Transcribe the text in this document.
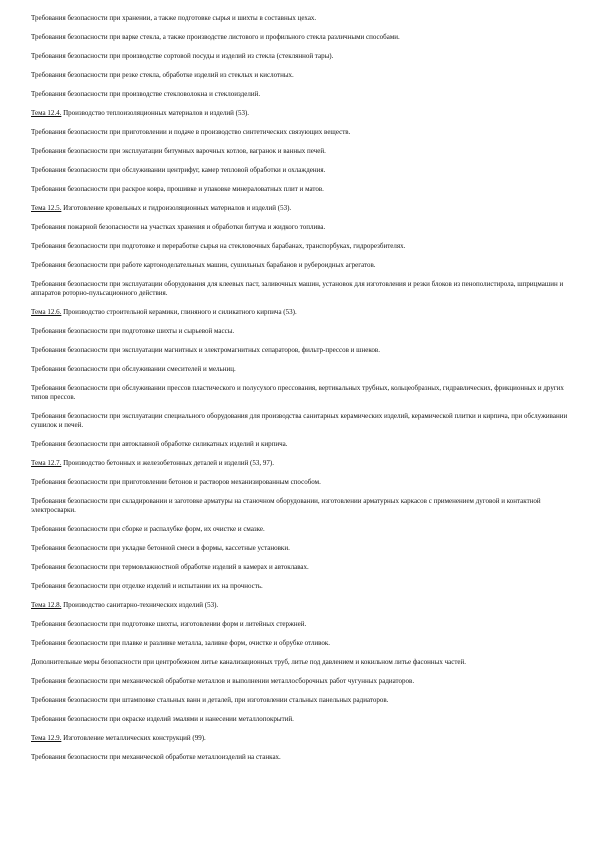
Требования безопасности при хранении, а также подготовке сырья и шихты в составных цехах.

Требования безопасности при варке стекла, а также производстве листового и профильного стекла различными способами.

Требования безопасности при производстве сортовой посуды и изделий из стекла (стеклянной тары).

Требования безопасности при резке стекла, обработке изделий из стеклых и кислотных.

Требования безопасности при производстве стекловолокна и стеклоизделий.

Тема 12.4. Производство теплоизоляционных материалов и изделий (53).

Требования безопасности при приготовлении и подаче в производство синтетических связующих веществ.

Требования безопасности при эксплуатации битумных варочных котлов, вагранок и ванных печей.

Требования безопасности при обслуживании центрифуг, камер тепловой обработки и охлаждения.

Требования безопасности при раскрое ковра, прошивке и упаковке минераловатных плит и матов.

Тема 12.5. Изготовление кровельных и гидроизоляционных материалов и изделий (53).

Требования пожарной безопасности на участках хранения и обработки битума и жидкого топлива.

Требования безопасности при подготовке и переработке сырья на стекловочных барабанах, транспорбуках, гидрорезбителях.

Требования безопасности при работе картоноделательных машин, сушильных барабанов и рубероидных агрегатов.

Требования безопасности при эксплуатации оборудования для клеевых паст, заливочных машин, установок для изготовления и резки блоков из пенополистирола, шприцмашин и аппаратов роторно-пульсационного действия.

Тема 12.6. Производство строительной керамики, глиняного и силикатного кирпича (53).

Требования безопасности при подготовке шихты и сырьевой массы.

Требования безопасности при эксплуатации магнитных и электромагнитных сепараторов, фильтр-прессов и шнеков.

Требования безопасности при обслуживании смесителей и мельниц.

Требования безопасности при обслуживании прессов пластического и полусухого прессования, вертикальных трубных, кольцеобразных, гидравлических, фрикционных и других типов прессов.

Требования безопасности при эксплуатации специального оборудования для производства санитарных керамических изделий, керамической плитки и кирпича, при обслуживании сушилок и печей.

Требования безопасности при автоклавной обработке силикатных изделий и кирпича.

Тема 12.7. Производство бетонных и железобетонных деталей и изделий (53, 97).

Требования безопасности при приготовлении бетонов и растворов механизированным способом.

Требования безопасности при складировании и заготовке арматуры на станочном оборудовании, изготовлении арматурных каркасов с применением дуговой и контактной электросварки.

Требования безопасности при сборке и распалубке форм, их очистке и смазке.

Требования безопасности при укладке бетонной смеси в формы, кассетные установки.

Требования безопасности при термовлажностной обработке изделий в камерах и автоклавах.

Требования безопасности при отделке изделий и испытании их на прочность.

Тема 12.8. Производство санитарно-технических изделий (53).

Требования безопасности при подготовке шихты, изготовлении форм и литейных стержней.

Требования безопасности при плавке и разливке металла, заливке форм, очистке и обрубке отливок.

Дополнительные меры безопасности при центробежном литье канализационных труб, литье под давлением и кокильном литье фасонных частей.

Требования безопасности при механической обработке металлов и выполнении металлосборочных работ чугунных радиаторов.

Требования безопасности при штамповке стальных ванн и деталей, при изготовлении стальных панельных радиаторов.

Требования безопасности при окраске изделий эмалями и нанесении металлопокрытий.

Тема 12.9. Изготовление металлических конструкций (99).

Требования безопасности при механической обработке металлоизделий на станках.
